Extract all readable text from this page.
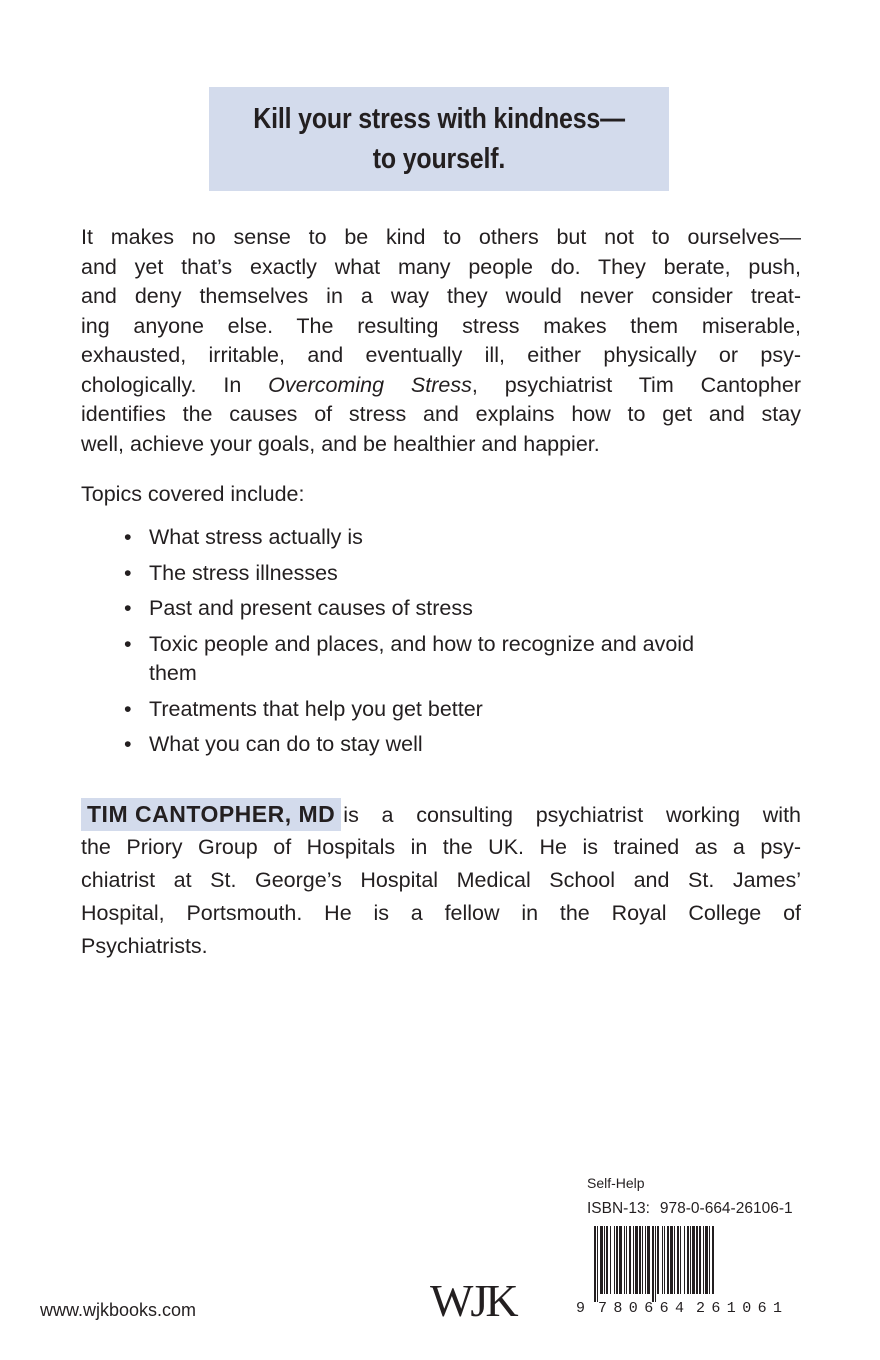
Kill your stress with kindness—
to yourself.
It makes no sense to be kind to others but not to ourselves—
and yet that’s exactly what many people do. They berate, push,
and deny themselves in a way they would never consider treat-
ing anyone else. The resulting stress makes them miserable,
exhausted, irritable, and eventually ill, either physically or psy-
chologically. In Overcoming Stress, psychiatrist Tim Cantopher
identifies the causes of stress and explains how to get and stay
well, achieve your goals, and be healthier and happier.
Topics covered include:
• What stress actually is
• The stress illnesses
• Past and present causes of stress
• Toxic people and places, and how to recognize and avoid them
• Treatments that help you get better
• What you can do to stay well
TIM CANTOPHER, MD is a consulting psychiatrist working with
the Priory Group of Hospitals in the UK. He is trained as a psy-
chiatrist at St. George’s Hospital Medical School and St. James’
Hospital, Portsmouth. He is a fellow in the Royal College of
Psychiatrists.
Self-Help
ISBN-13: 978-0-664-26106-1
9 780664 261061
www.wjkbooks.com	WJK
